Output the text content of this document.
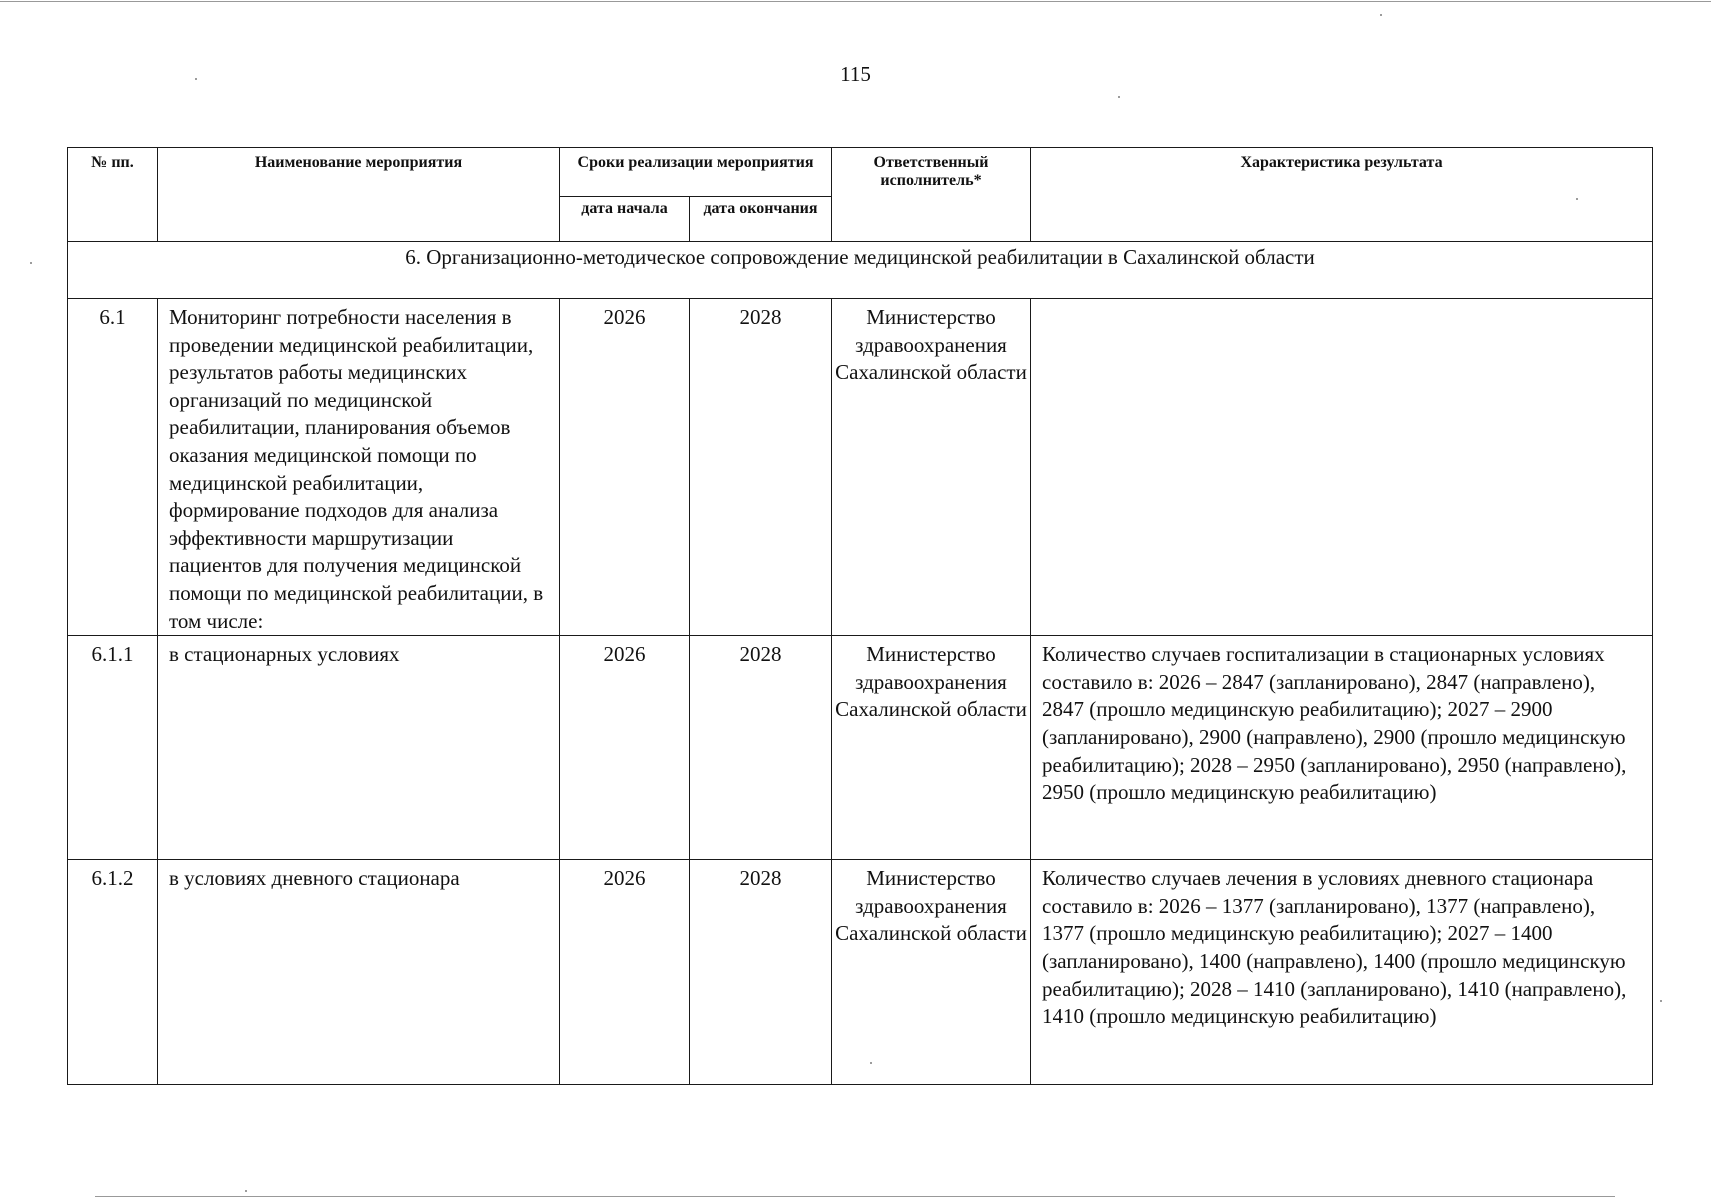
115
№ пп.	Наименование мероприятия	Сроки реализации мероприятия		Ответственный исполнитель*	Характеристика результата

		дата начала	дата окончания		

6. Организационно-методическое сопровождение медицинской реабилитации в Сахалинской области					
6.1	Мониторинг потребности населения в проведении медицинской реабилитации, результатов работы медицинских организаций по медицинской реабилитации, планирования объемов оказания медицинской помощи по медицинской реабилитации, формирование подходов для анализа эффективности маршрутизации пациентов для получения медицинской помощи по медицинской реабилитации, в том числе:	2026	2028	Министерство здравоохранения Сахалинской области	
6.1.1	в стационарных условиях	2026	2028	Министерство здравоохранения Сахалинской области	Количество случаев госпитализации в стационарных условиях составило в: 2026 – 2847 (запланировано), 2847 (направлено), 2847 (прошло медицинскую реабилитацию); 2027 – 2900 (запланировано), 2900 (направлено), 2900 (прошло медицинскую реабилитацию); 2028 – 2950 (запланировано), 2950 (направлено), 2950 (прошло медицинскую реабилитацию)
6.1.2	в условиях дневного стационара	2026	2028	Министерство здравоохранения Сахалинской области	Количество случаев лечения в условиях дневного стационара составило в: 2026 – 1377 (запланировано), 1377 (направлено), 1377 (прошло медицинскую реабилитацию); 2027 – 1400 (запланировано), 1400 (направлено), 1400 (прошло медицинскую реабилитацию); 2028 – 1410 (запланировано), 1410 (направлено), 1410 (прошло медицинскую реабилитацию)
